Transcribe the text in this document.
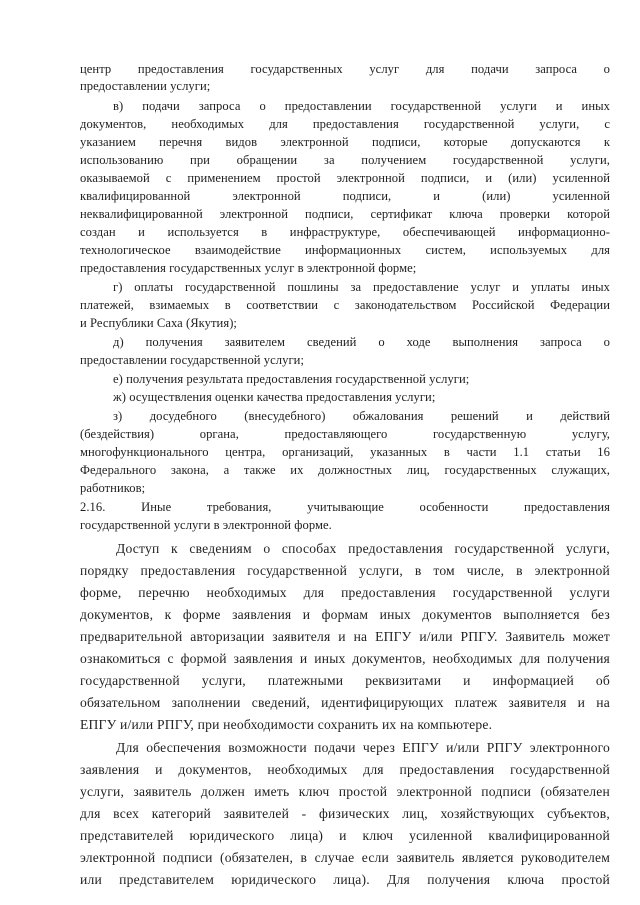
центр предоставления государственных услуг для подачи запроса о
предоставлении услуги;
в) подачи запроса о предоставлении государственной услуги и иных
документов, необходимых для предоставления государственной услуги, с
указанием перечня видов электронной подписи, которые допускаются к
использованию при обращении за получением государственной услуги,
оказываемой с применением простой электронной подписи, и (или) усиленной
квалифицированной электронной подписи, и (или) усиленной
неквалифицированной электронной подписи, сертификат ключа проверки которой
создан и используется в инфраструктуре, обеспечивающей информационно-
технологическое взаимодействие информационных систем, используемых для
предоставления государственных услуг в электронной форме;
г) оплаты государственной пошлины за предоставление услуг и уплаты иных
платежей, взимаемых в соответствии с законодательством Российской Федерации
и Республики Саха (Якутия);
д) получения заявителем сведений о ходе выполнения запроса о
предоставлении государственной услуги;
е) получения результата предоставления государственной услуги;
ж) осуществления оценки качества предоставления услуги;
з) досудебного (внесудебного) обжалования решений и действий
(бездействия) органа, предоставляющего государственную услугу,
многофункционального центра, организаций, указанных в части 1.1 статьи 16
Федерального закона, а также их должностных лиц, государственных служащих,
работников;
2.16. Иные требования, учитывающие особенности предоставления
государственной услуги в электронной форме.
Доступ к сведениям о способах предоставления государственной услуги,
порядку предоставления государственной услуги, в том числе, в электронной
форме, перечню необходимых для предоставления государственной услуги
документов, к форме заявления и формам иных документов выполняется без
предварительной авторизации заявителя и на ЕПГУ и/или РПГУ. Заявитель может
ознакомиться с формой заявления и иных документов, необходимых для получения
государственной услуги, платежными реквизитами и информацией об
обязательном заполнении сведений, идентифицирующих платеж заявителя и на
ЕПГУ и/или РПГУ, при необходимости сохранить их на компьютере.
Для обеспечения возможности подачи через ЕПГУ и/или РПГУ электронного
заявления и документов, необходимых для предоставления государственной
услуги, заявитель должен иметь ключ простой электронной подписи (обязателен
для всех категорий заявителей - физических лиц, хозяйствующих субъектов,
представителей юридического лица) и ключ усиленной квалифицированной
электронной подписи (обязателен, в случае если заявитель является руководителем
или представителем юридического лица). Для получения ключа простой
